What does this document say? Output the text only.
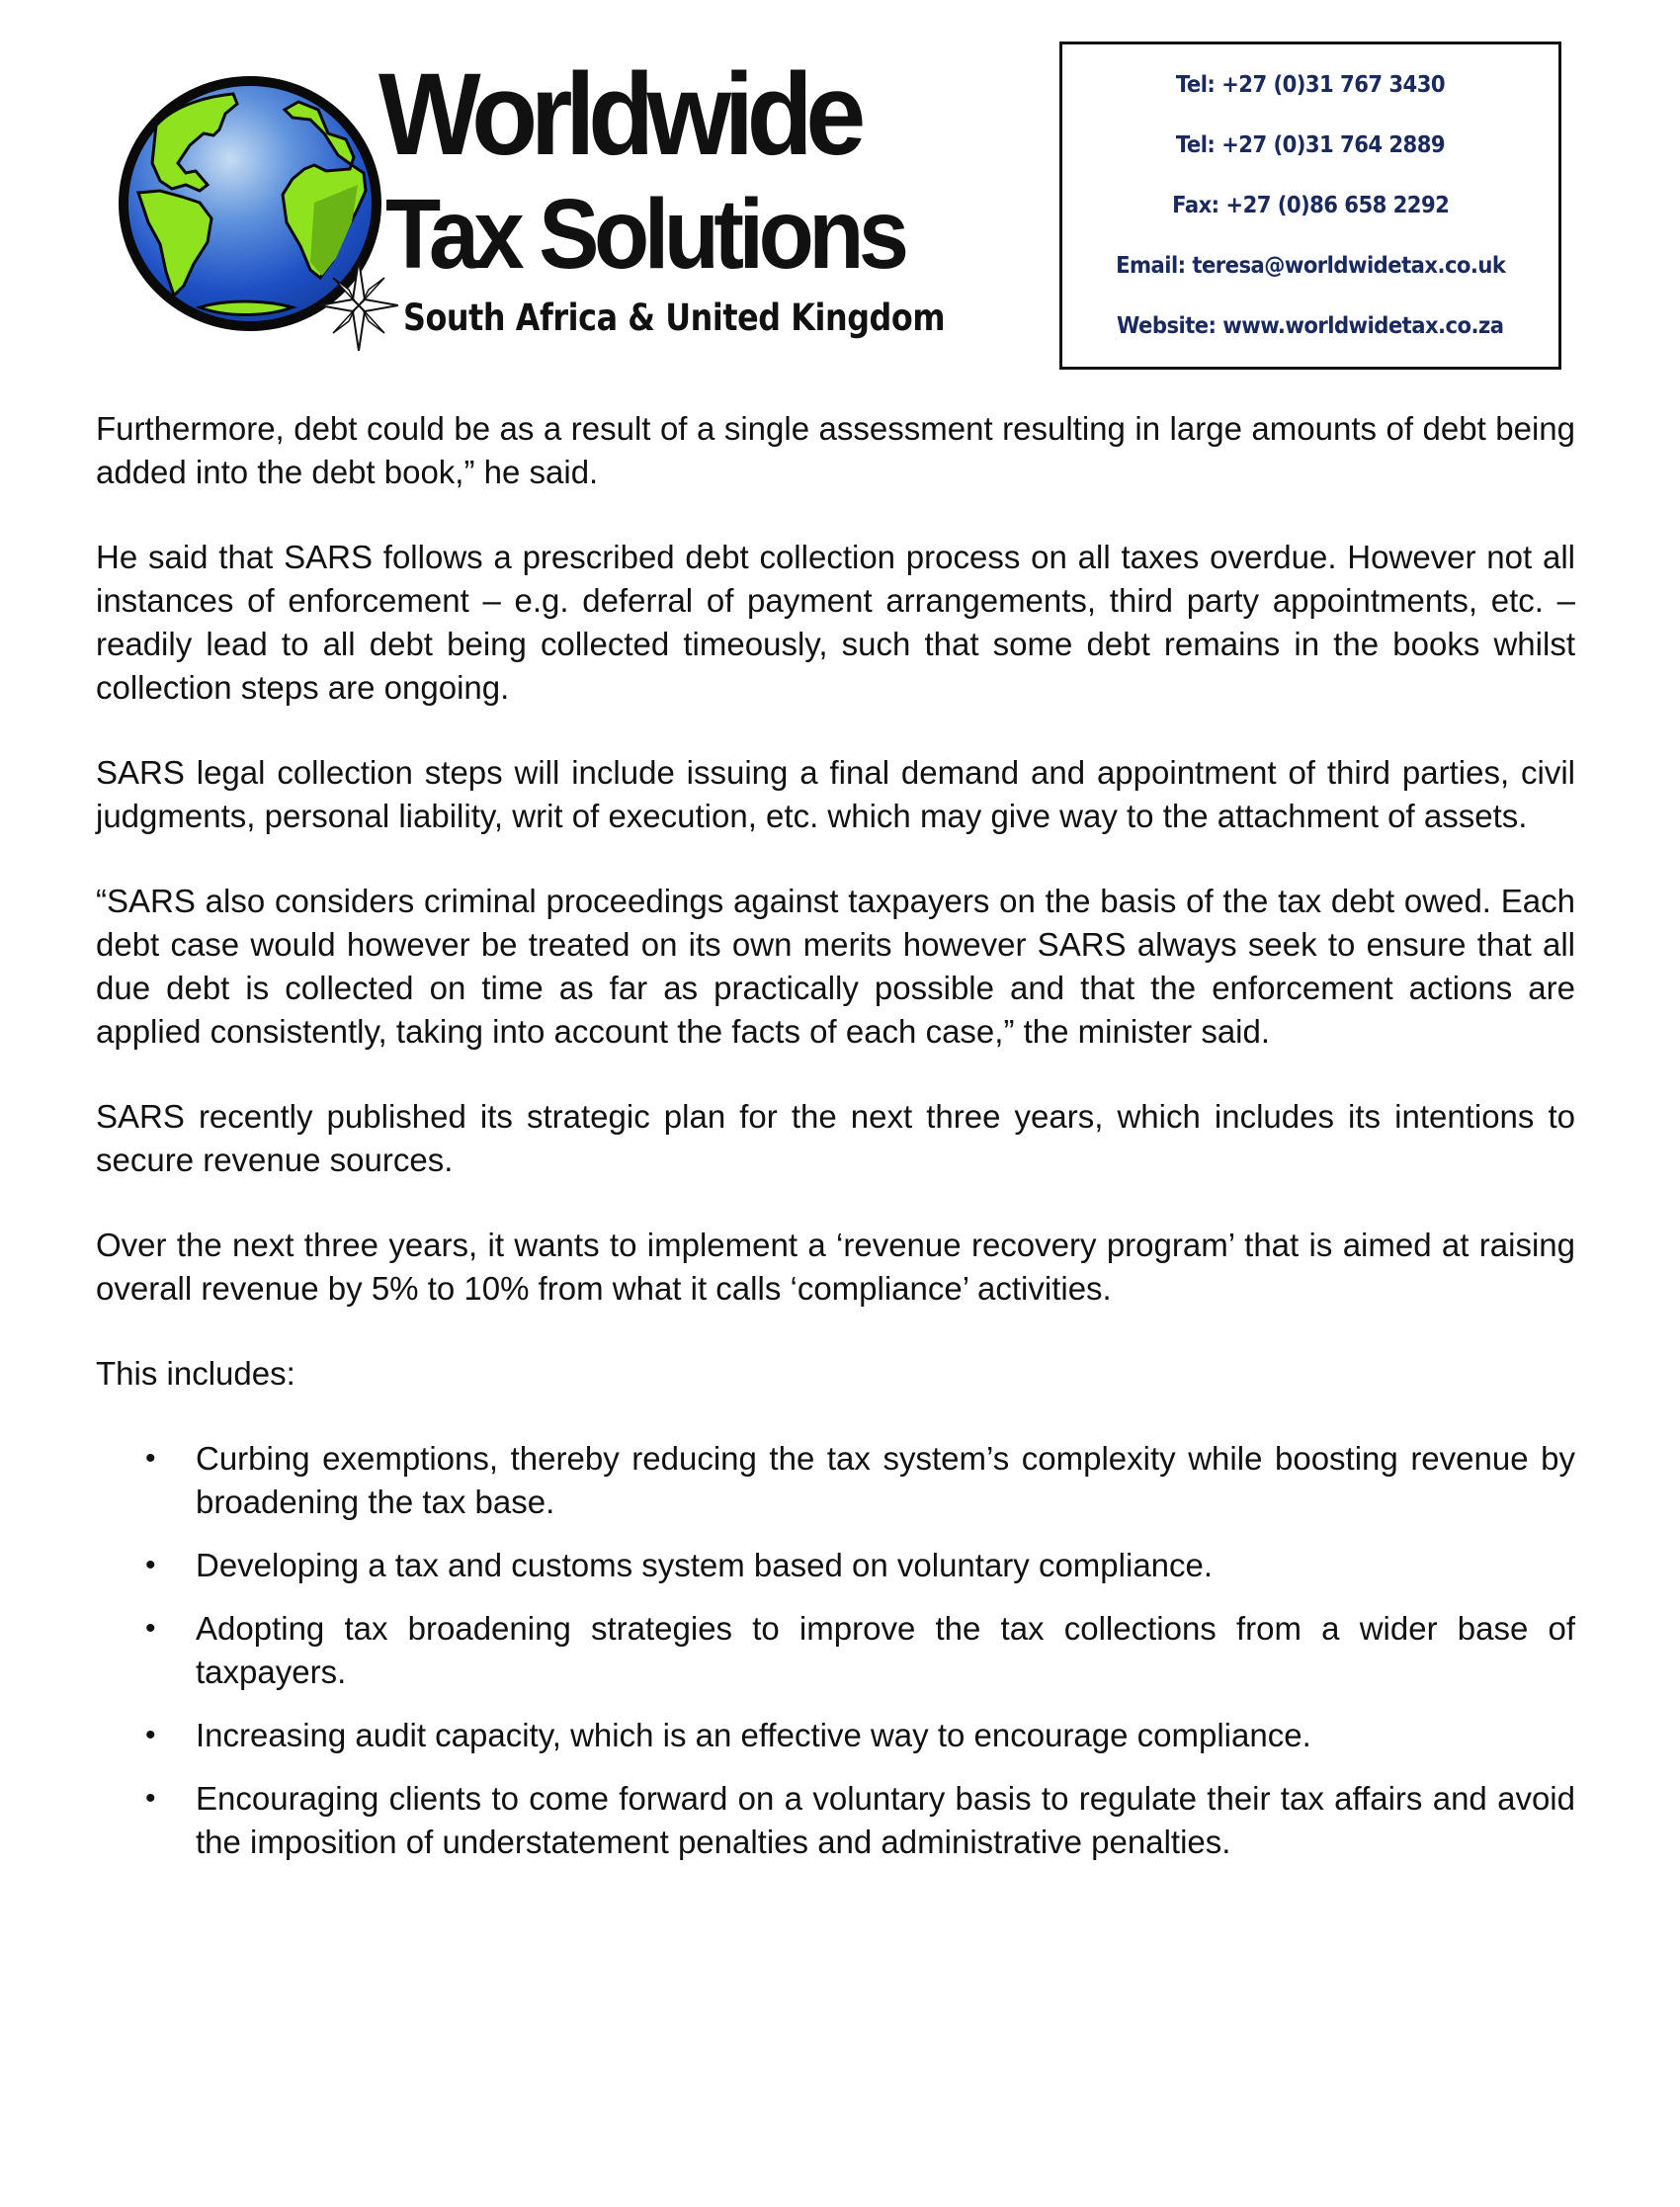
Worldwide
Tax Solutions
South Africa & United Kingdom
Tel: +27 (0)31 767 3430
Tel: +27 (0)31 764 2889
Fax: +27 (0)86 658 2292
Email: teresa@worldwidetax.co.uk
Website: www.worldwidetax.co.za

Furthermore, debt could be as a result of a single assessment resulting in large amounts of debt being added into the debt book,” he said.

He said that SARS follows a prescribed debt collection process on all taxes overdue. However not all instances of enforcement – e.g. deferral of payment arrangements, third party appointments, etc. – readily lead to all debt being collected timeously, such that some debt remains in the books whilst collection steps are ongoing.

SARS legal collection steps will include issuing a final demand and appointment of third parties, civil judgments, personal liability, writ of execution, etc. which may give way to the attachment of assets.

“SARS also considers criminal proceedings against taxpayers on the basis of the tax debt owed. Each debt case would however be treated on its own merits however SARS always seek to ensure that all due debt is collected on time as far as practically possible and that the enforcement actions are applied consistently, taking into account the facts of each case,” the minister said.

SARS recently published its strategic plan for the next three years, which includes its intentions to secure revenue sources.

Over the next three years, it wants to implement a ‘revenue recovery program’ that is aimed at raising overall revenue by 5% to 10% from what it calls ‘compliance’ activities.

This includes:

• Curbing exemptions, thereby reducing the tax system’s complexity while boosting revenue by broadening the tax base.
• Developing a tax and customs system based on voluntary compliance.
• Adopting tax broadening strategies to improve the tax collections from a wider base of taxpayers.
• Increasing audit capacity, which is an effective way to encourage compliance.
• Encouraging clients to come forward on a voluntary basis to regulate their tax affairs and avoid the imposition of understatement penalties and administrative penalties.
